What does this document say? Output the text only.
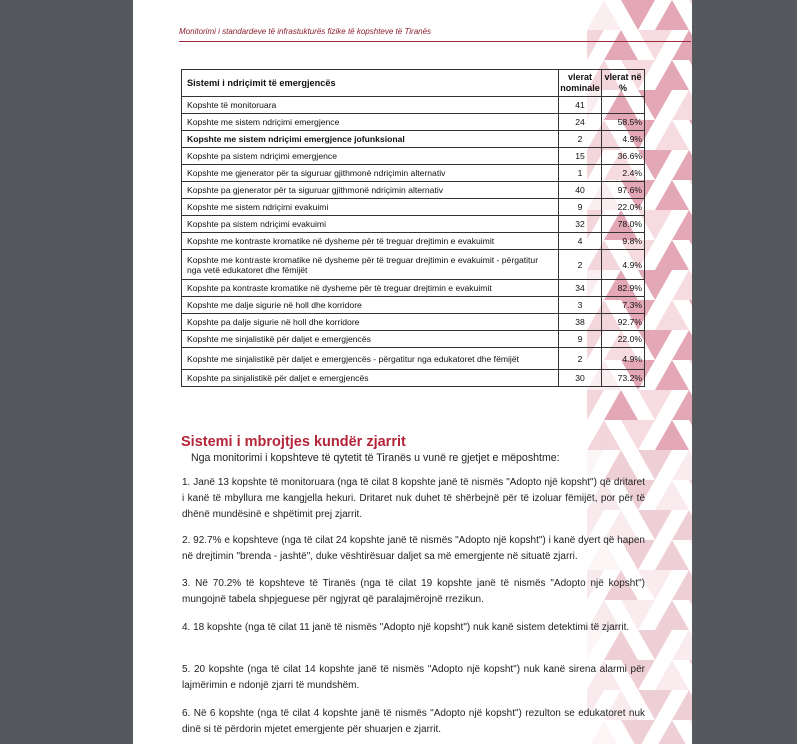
Monitorimi i standardeve të infrastukturës fizike të kopshteve të Tiranës
Sistemi i ndriçimit të emergjencës	vlerat nominale	vlerat në %
Kopshte të monitoruara	41	
Kopshte me sistem ndriçimi emergjence	24	58.5%
Kopshte me sistem ndriçimi emergjence jofunksional	2	4.9%
Kopshte pa sistem ndriçimi emergjence	15	36.6%
Kopshte me gjenerator për ta siguruar gjithmonë ndriçimin alternativ	1	2.4%
Kopshte pa gjenerator për ta siguruar gjithmonë ndriçimin alternativ	40	97.6%
Kopshte me sistem ndriçimi evakuimi	9	22.0%
Kopshte pa sistem ndriçimi evakuimi	32	78.0%
Kopshte me kontraste kromatike në dysheme për të treguar drejtimin e evakuimit	4	9.8%
Kopshte me kontraste kromatike në dysheme për të treguar drejtimin e evakuimit - përgatitur nga vetë edukatoret dhe fëmijët	2	4.9%
Kopshte pa kontraste kromatike në dysheme për të treguar drejtimin e evakuimit	34	82.9%
Kopshte me dalje sigurie në holl dhe korridore	3	7.3%
Kopshte pa dalje sigurie në holl dhe korridore	38	92.7%
Kopshte me sinjalistikë për daljet e emergjencës	9	22.0%
Kopshte me sinjalistikë për daljet e emergjencës - përgatitur nga edukatoret dhe fëmijët	2	4.9%
Kopshte pa sinjalistikë për daljet e emergjencës	30	73.2%
Sistemi i mbrojtjes kundër zjarrit
Nga monitorimi i kopshteve të qytetit të Tiranës u vunë re gjetjet e mëposhtme:
1. Janë 13 kopshte të monitoruara (nga të cilat 8 kopshte janë të nismës "Adopto një kopsht") që dritaret i kanë të mbyllura me kangjella hekuri. Dritaret nuk duhet të shërbejnë për të izoluar fëmijët, por për të dhënë mundësinë e shpëtimit prej zjarrit.
2. 92.7% e kopshteve (nga të cilat 24 kopshte janë të nismës "Adopto një kopsht") i kanë dyert që hapen në drejtimin "brenda - jashtë", duke vështirësuar daljet sa më emergjente në situatë zjarri.
3. Në 70.2% të kopshteve të Tiranës (nga të cilat 19 kopshte janë të nismës "Adopto një kopsht") mungojnë tabela shpjeguese për ngjyrat që paralajmërojnë rrezikun.
4. 18 kopshte (nga të cilat 11 janë të nismës "Adopto një kopsht") nuk kanë sistem detektimi të zjarrit.
5. 20 kopshte (nga të cilat 14 kopshte janë të nismës "Adopto një kopsht") nuk kanë sirena alarmi për lajmërimin e ndonjë zjarri të mundshëm.
6. Në 6 kopshte (nga të cilat 4 kopshte janë të nismës "Adopto një kopsht") rezulton se edukatoret nuk dinë si të përdorin mjetet emergjente për shuarjen e zjarrit.
